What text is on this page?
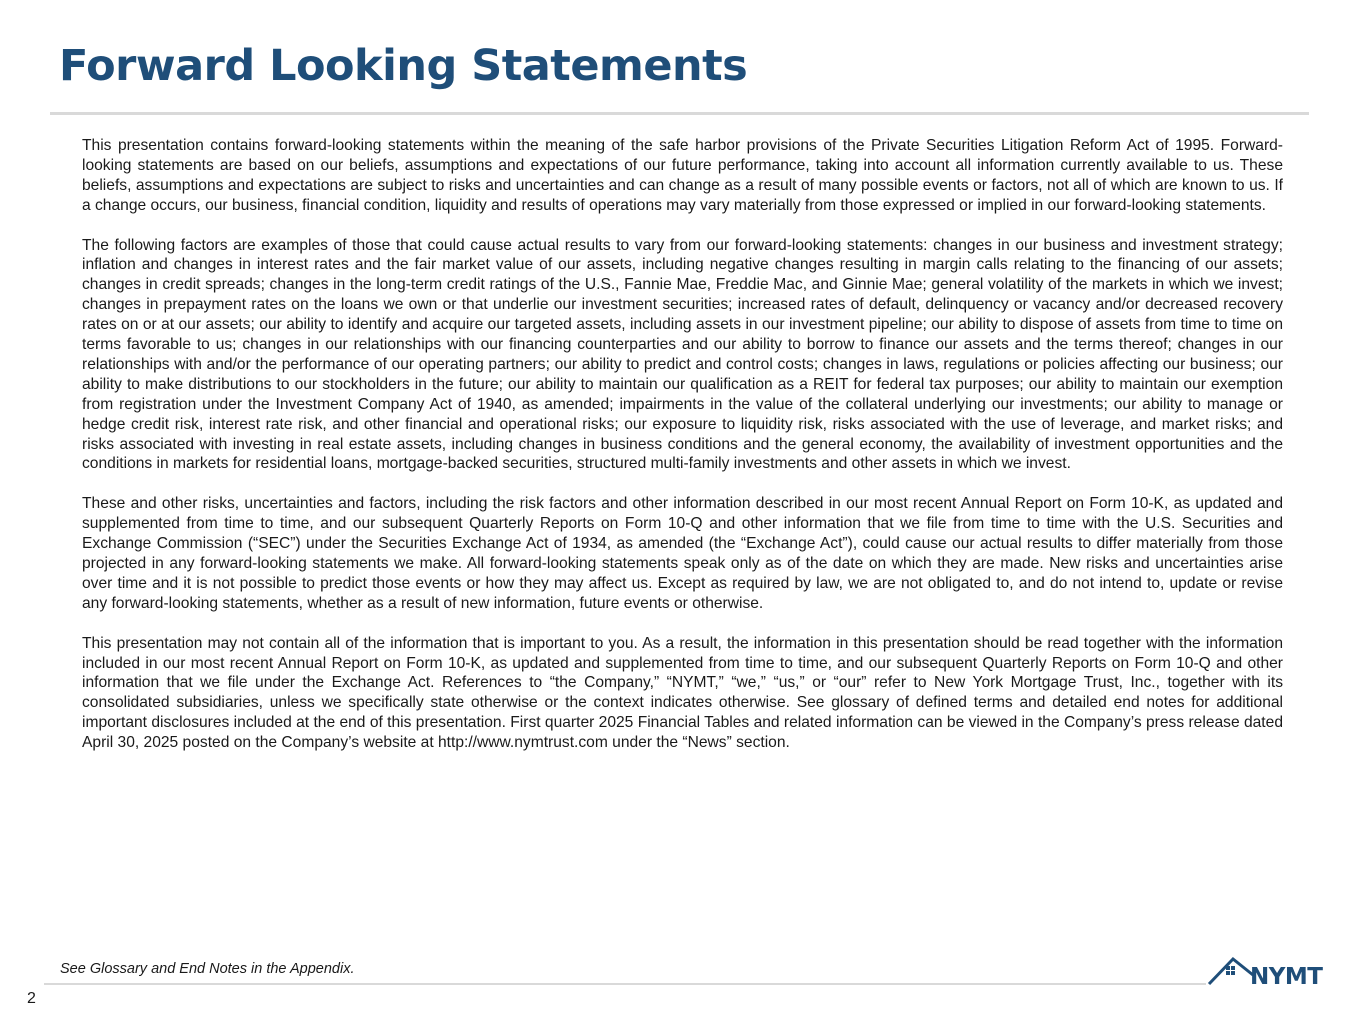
Forward Looking Statements

This presentation contains forward-looking statements within the meaning of the safe harbor provisions of the Private Securities Litigation Reform Act of 1995. Forward-looking statements are based on our beliefs, assumptions and expectations of our future performance, taking into account all information currently available to us. These beliefs, assumptions and expectations are subject to risks and uncertainties and can change as a result of many possible events or factors, not all of which are known to us. If a change occurs, our business, financial condition, liquidity and results of operations may vary materially from those expressed or implied in our forward-looking statements.

The following factors are examples of those that could cause actual results to vary from our forward-looking statements: changes in our business and investment strategy; inflation and changes in interest rates and the fair market value of our assets, including negative changes resulting in margin calls relating to the financing of our assets; changes in credit spreads; changes in the long-term credit ratings of the U.S., Fannie Mae, Freddie Mac, and Ginnie Mae; general volatility of the markets in which we invest; changes in prepayment rates on the loans we own or that underlie our investment securities; increased rates of default, delinquency or vacancy and/or decreased recovery rates on or at our assets; our ability to identify and acquire our targeted assets, including assets in our investment pipeline; our ability to dispose of assets from time to time on terms favorable to us; changes in our relationships with our financing counterparties and our ability to borrow to finance our assets and the terms thereof; changes in our relationships with and/or the performance of our operating partners; our ability to predict and control costs; changes in laws, regulations or policies affecting our business; our ability to make distributions to our stockholders in the future; our ability to maintain our qualification as a REIT for federal tax purposes; our ability to maintain our exemption from registration under the Investment Company Act of 1940, as amended; impairments in the value of the collateral underlying our investments; our ability to manage or hedge credit risk, interest rate risk, and other financial and operational risks; our exposure to liquidity risk, risks associated with the use of leverage, and market risks; and risks associated with investing in real estate assets, including changes in business conditions and the general economy, the availability of investment opportunities and the conditions in markets for residential loans, mortgage-backed securities, structured multi-family investments and other assets in which we invest.

These and other risks, uncertainties and factors, including the risk factors and other information described in our most recent Annual Report on Form 10-K, as updated and supplemented from time to time, and our subsequent Quarterly Reports on Form 10-Q and other information that we file from time to time with the U.S. Securities and Exchange Commission (“SEC”) under the Securities Exchange Act of 1934, as amended (the “Exchange Act”), could cause our actual results to differ materially from those projected in any forward-looking statements we make. All forward-looking statements speak only as of the date on which they are made. New risks and uncertainties arise over time and it is not possible to predict those events or how they may affect us. Except as required by law, we are not obligated to, and do not intend to, update or revise any forward-looking statements, whether as a result of new information, future events or otherwise.

This presentation may not contain all of the information that is important to you. As a result, the information in this presentation should be read together with the information included in our most recent Annual Report on Form 10-K, as updated and supplemented from time to time, and our subsequent Quarterly Reports on Form 10-Q and other information that we file under the Exchange Act. References to “the Company,” “NYMT,” “we,” “us,” or “our” refer to New York Mortgage Trust, Inc., together with its consolidated subsidiaries, unless we specifically state otherwise or the context indicates otherwise. See glossary of defined terms and detailed end notes for additional important disclosures included at the end of this presentation. First quarter 2025 Financial Tables and related information can be viewed in the Company’s press release dated April 30, 2025 posted on the Company’s website at http://www.nymtrust.com under the “News” section.

See Glossary and End Notes in the Appendix.
2
NYMT
